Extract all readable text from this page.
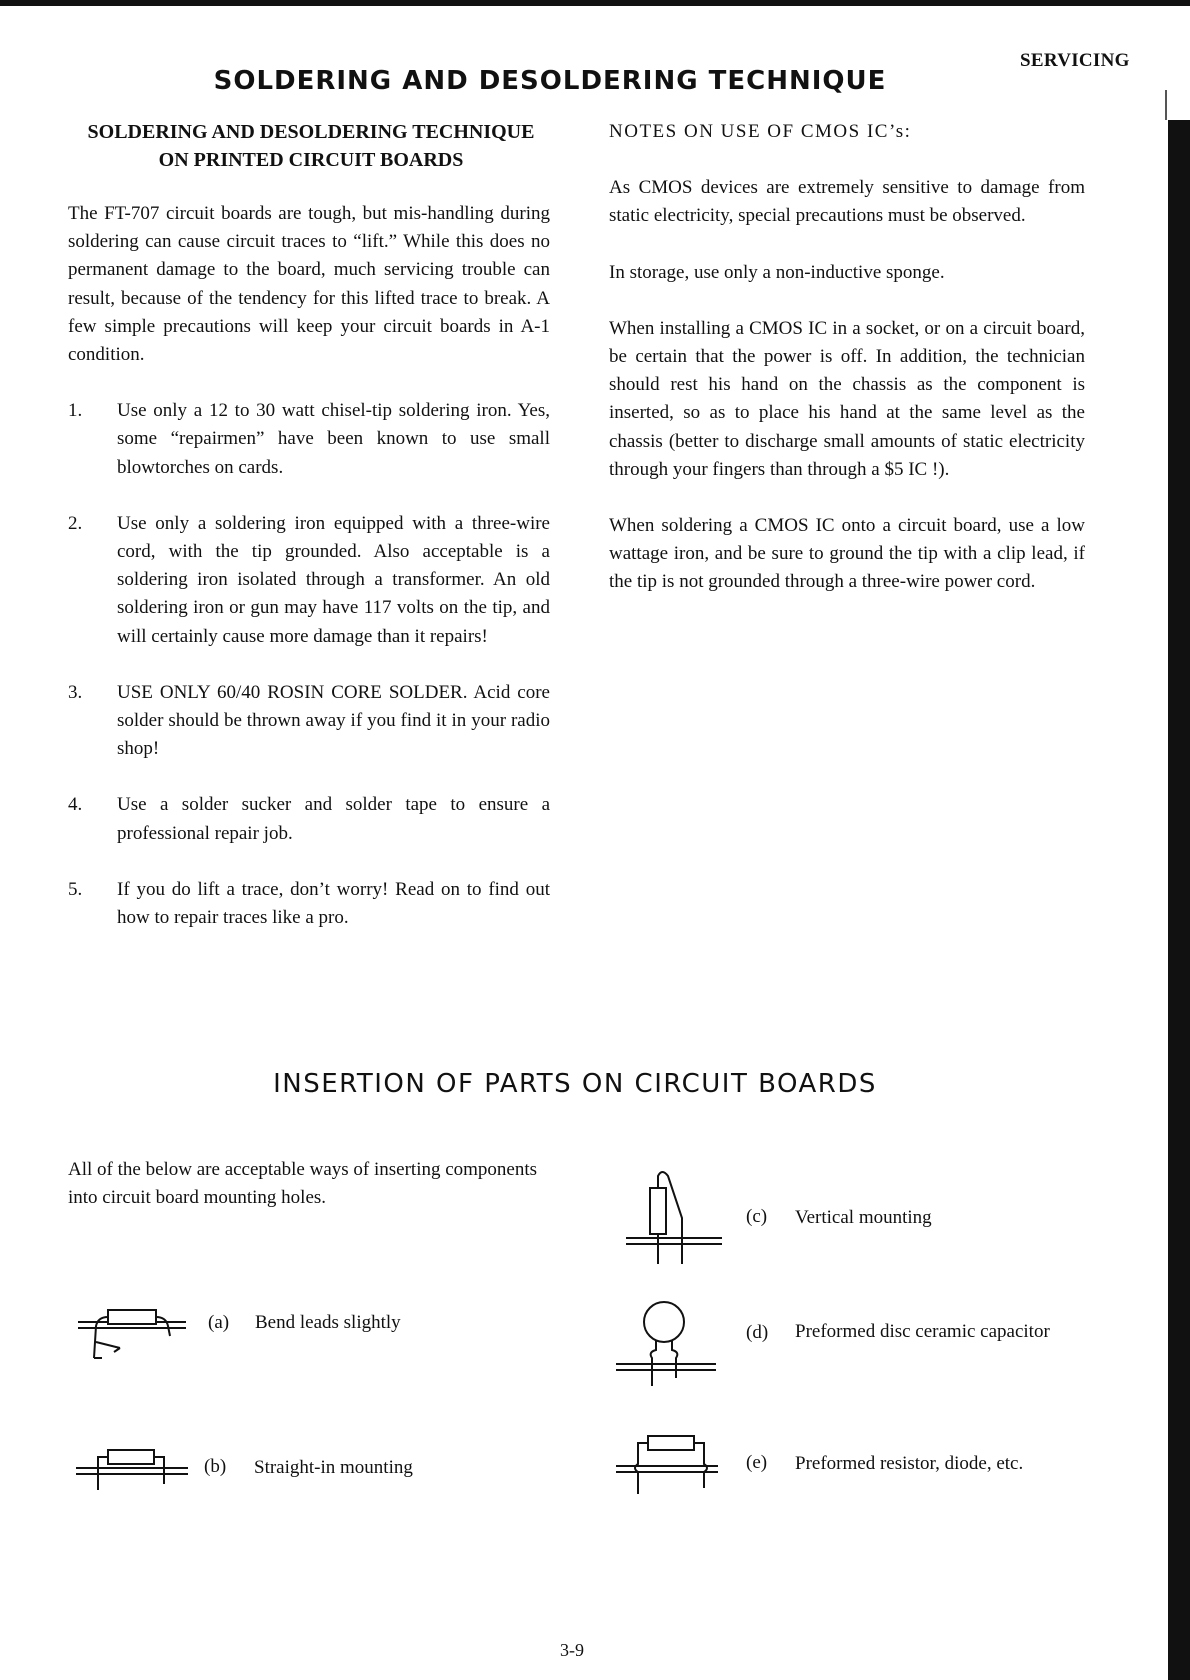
SERVICING
SOLDERING AND DESOLDERING TECHNIQUE
SOLDERING AND DESOLDERING TECHNIQUE
ON PRINTED CIRCUIT BOARDS

The FT-707 circuit boards are tough, but mis-handling during soldering can cause circuit traces to “lift.” While this does no permanent damage to the board, much servicing trouble can result, because of the tendency for this lifted trace to break. A few simple precautions will keep your circuit boards in A-1 condition.

1. Use only a 12 to 30 watt chisel-tip soldering iron. Yes, some “repairmen” have been known to use small blowtorches on cards.
2. Use only a soldering iron equipped with a three-wire cord, with the tip grounded. Also acceptable is a soldering iron isolated through a transformer. An old soldering iron or gun may have 117 volts on the tip, and will certainly cause more damage than it repairs!
3. USE ONLY 60/40 ROSIN CORE SOLDER. Acid core solder should be thrown away if you find it in your radio shop!
4. Use a solder sucker and solder tape to ensure a professional repair job.
5. If you do lift a trace, don’t worry! Read on to find out how to repair traces like a pro.

NOTES ON USE OF CMOS IC’s:

As CMOS devices are extremely sensitive to damage from static electricity, special precautions must be observed.

In storage, use only a non-inductive sponge.

When installing a CMOS IC in a socket, or on a circuit board, be certain that the power is off. In addition, the technician should rest his hand on the chassis as the component is inserted, so as to place his hand at the same level as the chassis (better to discharge small amounts of static electricity through your fingers than through a $5 IC !).

When soldering a CMOS IC onto a circuit board, use a low wattage iron, and be sure to ground the tip with a clip lead, if the tip is not grounded through a three-wire power cord.

INSERTION OF PARTS ON CIRCUIT BOARDS

All of the below are acceptable ways of inserting components into circuit board mounting holes.

(a) Bend leads slightly
(b) Straight-in mounting
(c) Vertical mounting
(d) Preformed disc ceramic capacitor
(e) Preformed resistor, diode, etc.
3-9
